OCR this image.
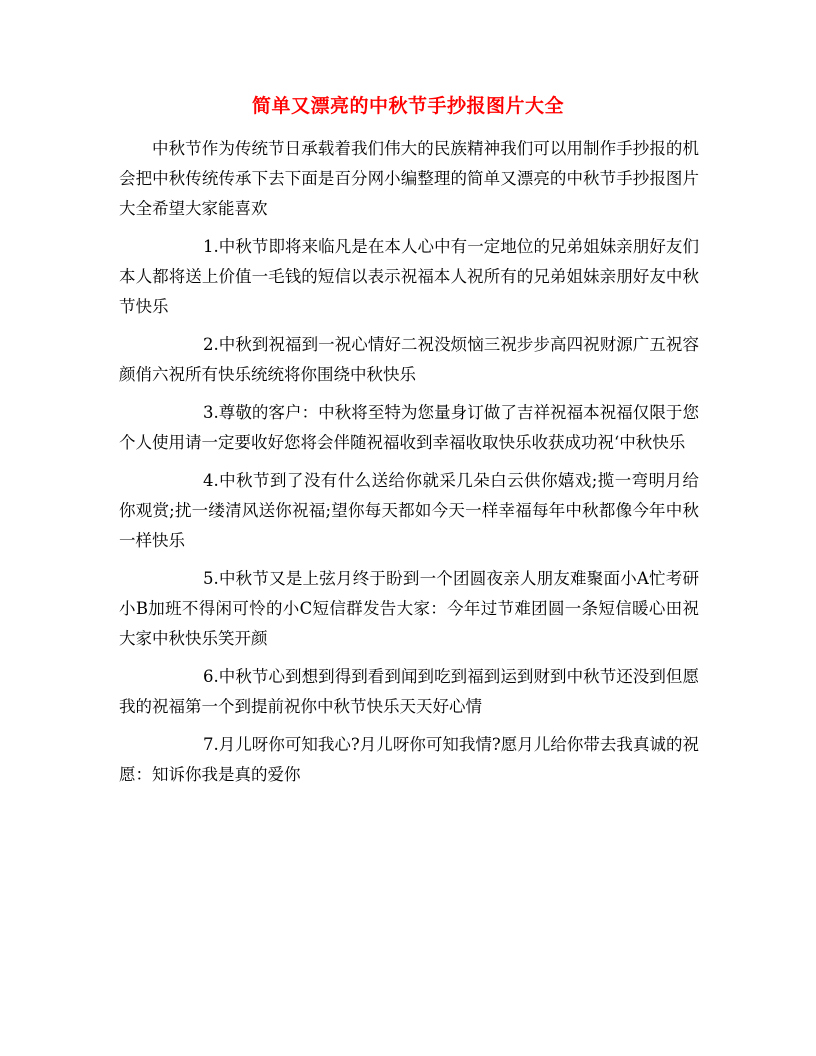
简单又漂亮的中秋节手抄报图片大全

中秋节作为传统节日承载着我们伟大的民族精神我们可以用制作手抄报的机会把中秋传统传承下去下面是百分网小编整理的简单又漂亮的中秋节手抄报图片大全希望大家能喜欢

1.中秋节即将来临凡是在本人心中有一定地位的兄弟姐妹亲朋好友们本人都将送上价值一毛钱的短信以表示祝福本人祝所有的兄弟姐妹亲朋好友中秋节快乐

2.中秋到祝福到一祝心情好二祝没烦恼三祝步步高四祝财源广五祝容颜俏六祝所有快乐统统将你围绕中秋快乐

3.尊敬的客户：中秋将至特为您量身订做了吉祥祝福本祝福仅限于您个人使用请一定要收好您将会伴随祝福收到幸福收取快乐收获成功祝‘中秋快乐

4.中秋节到了没有什么送给你就采几朵白云供你嬉戏;揽一弯明月给你观赏;扰一缕清风送你祝福;望你每天都如今天一样幸福每年中秋都像今年中秋一样快乐

5.中秋节又是上弦月终于盼到一个团圆夜亲人朋友难聚面小A忙考研小B加班不得闲可怜的小C短信群发告大家：今年过节难团圆一条短信暖心田祝大家中秋快乐笑开颜

6.中秋节心到想到得到看到闻到吃到福到运到财到中秋节还没到但愿我的祝福第一个到提前祝你中秋节快乐天天好心情

7.月儿呀你可知我心?月儿呀你可知我情?愿月儿给你带去我真诚的祝愿：知诉你我是真的爱你
